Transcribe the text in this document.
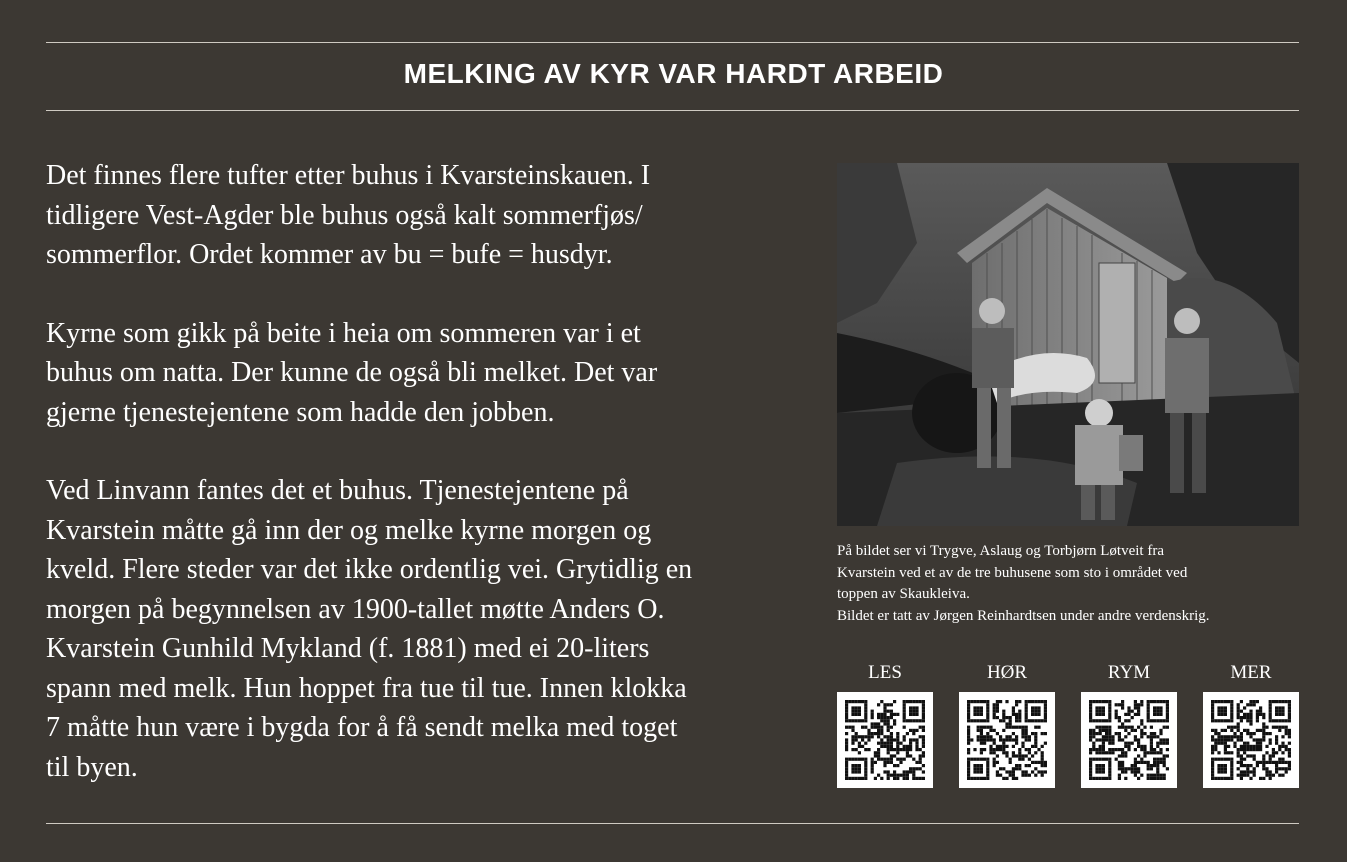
MELKING AV KYR VAR HARDT ARBEID

Det finnes flere tufter etter buhus i Kvarsteinskauen. I
tidligere Vest-Agder ble buhus også kalt sommerfjøs/
sommerflor. Ordet kommer av bu = bufe = husdyr.

Kyrne som gikk på beite i heia om sommeren var i et
buhus om natta. Der kunne de også bli melket. Det var
gjerne tjenestejentene som hadde den jobben.

Ved Linvann fantes det et buhus. Tjenestejentene på
Kvarstein måtte gå inn der og melke kyrne morgen og
kveld. Flere steder var det ikke ordentlig vei. Grytidlig en
morgen på begynnelsen av 1900-tallet møtte Anders O.
Kvarstein Gunhild Mykland (f. 1881) med ei 20-liters
spann med melk. Hun hoppet fra tue til tue. Innen klokka
7 måtte hun være i bygda for å få sendt melka med toget
til byen.

På bildet ser vi Trygve, Aslaug og Torbjørn Løtveit fra
Kvarstein ved et av de tre buhusene som sto i området ved
toppen av Skaukleiva.
Bildet er tatt av Jørgen Reinhardtsen under andre verdenskrig.
LES	HØR	RYM	MER
